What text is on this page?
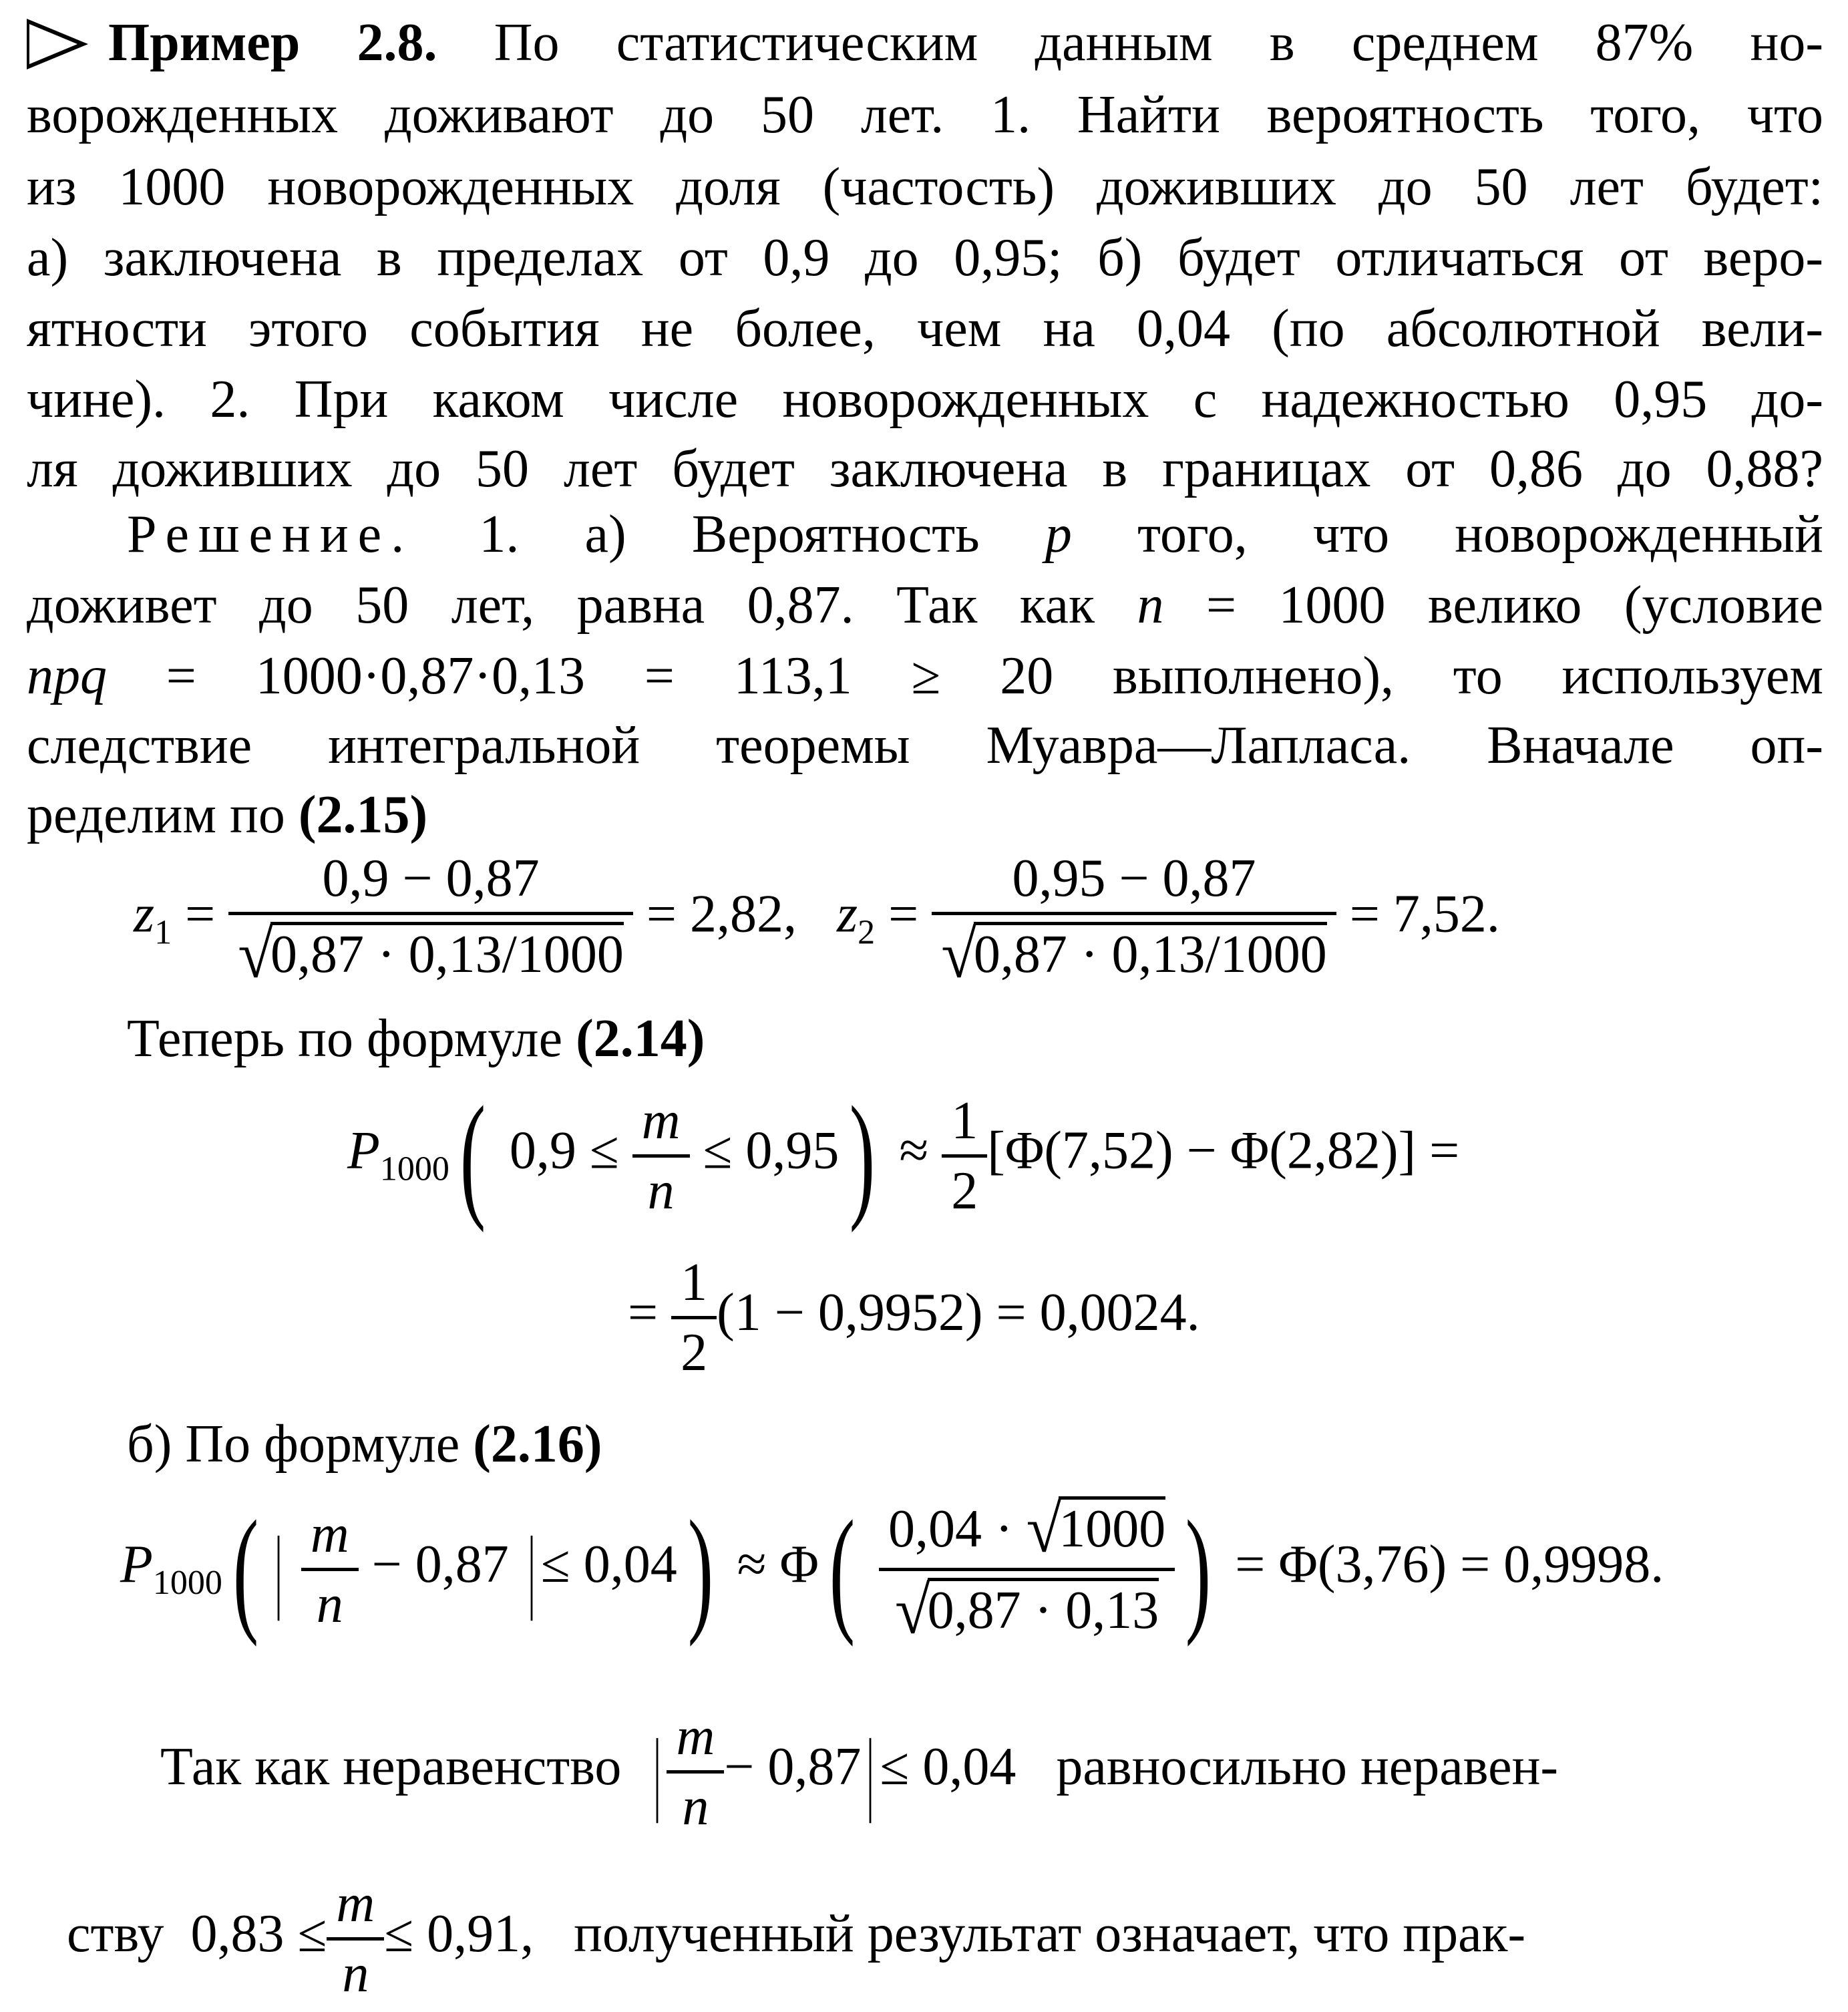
Пример 2.8. По статистическим данным в среднем 87% но-
ворожденных доживают до 50 лет. 1. Найти вероятность того, что
из 1000 новорожденных доля (частость) доживших до 50 лет будет:
а) заключена в пределах от 0,9 до 0,95; б) будет отличаться от веро-
ятности этого события не более, чем на 0,04 (по абсолютной вели-
чине). 2. При каком числе новорожденных с надежностью 0,95 до-
ля доживших до 50 лет будет заключена в границах от 0,86 до 0,88?
Решение. 1. а) Вероятность p того, что новорожденный
доживет до 50 лет, равна 0,87. Так как n = 1000 велико (условие
npq = 1000·0,87·0,13 = 113,1 ≥ 20 выполнено), то используем
следствие интегральной теоремы Муавра—Лапласа. Вначале оп-
ределим по (2.15)
$z_1 = \frac{0,9 - 0,87}{√0,87 \cdot 0,13/1000} = 2,82$, $z_2 = \frac{0,95 - 0,87}{√0,87 \cdot 0,13/1000} = 7,52$.
Теперь по формуле (2.14)
$P_{1000}$( $0,9 \le \frac{m}{n} \le 0,95) \approx \frac{1}{2} [\Phi(7,52) - \Phi(2,82)]$ =
= $\frac{1}{2} (1 - 0,9952) = 0,0024$.
б) По формуле (2.16)
$P_{1000}$( | $\frac{m}{n} - 0,87$ | ≤ $0,04) \approx \Phi( \frac{0,04 \cdot √1000}{√0,87 \cdot 0,13}$ ) = Φ(3,76) = 0,9998.
Так как неравенство | $\frac{m}{n} - 0,87| \le 0,04$ равносильно неравен-
ству $0,83 \le \frac{m}{n} \le 0,91$, полученный результат означает, что прак-
